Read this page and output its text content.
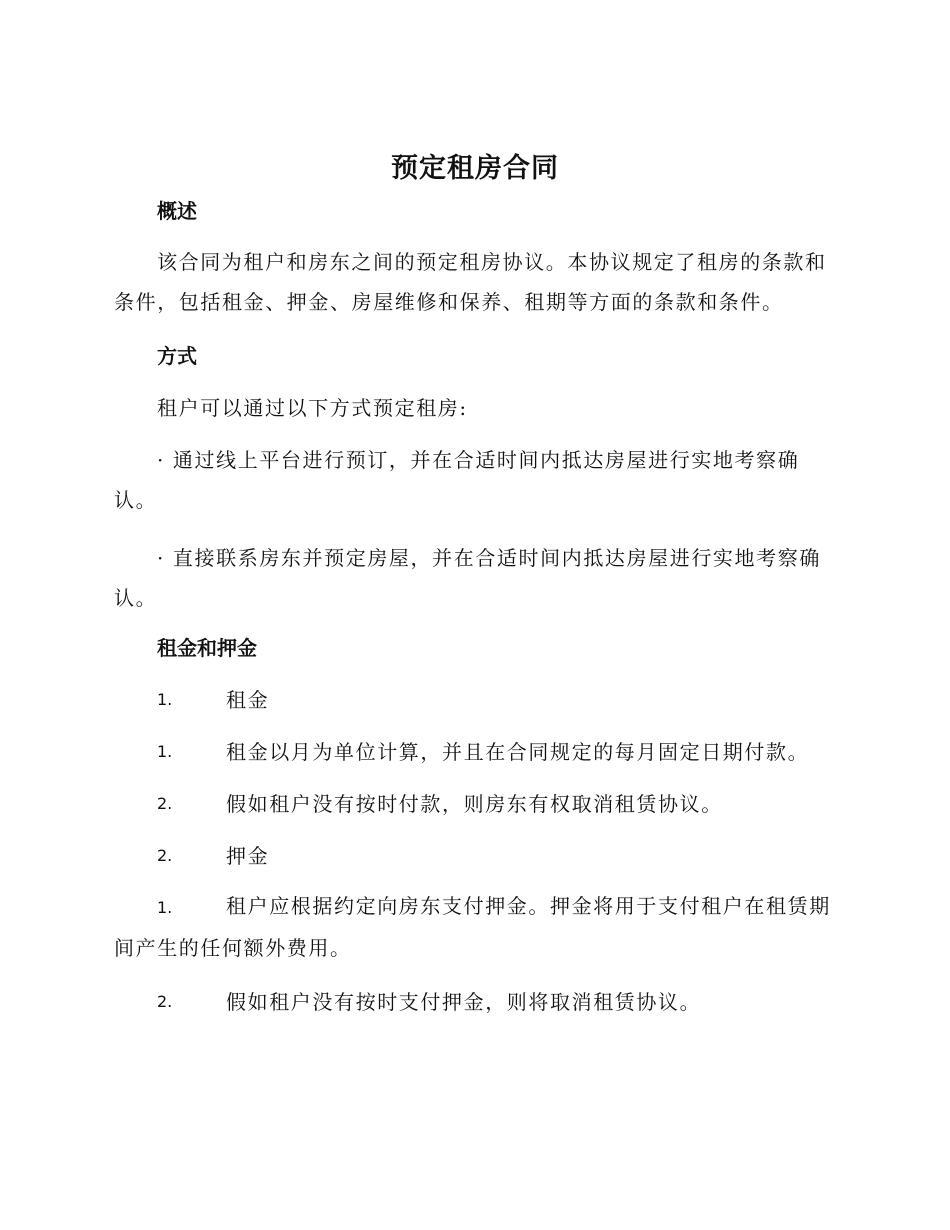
预定租房合同
概述

该合同为租户和房东之间的预定租房协议。本协议规定了租房的条款和条件，包括租金、押金、房屋维修和保养、租期等方面的条款和条件。

方式
租户可以通过以下方式预定租房:

· 通过线上平台进行预订，并在合适时间内抵达房屋进行实地考察确认。

· 直接联系房东并预定房屋，并在合适时间内抵达房屋进行实地考察确认。

租金和押金
1.	租金
1.	租金以月为单位计算，并且在合同规定的每月固定日期付款。
2.	假如租户没有按时付款，则房东有权取消租赁协议。
2.	押金
1.	租户应根据约定向房东支付押金。押金将用于支付租户在租赁期间产生的任何额外费用。
2.	假如租户没有按时支付押金，则将取消租赁协议。
